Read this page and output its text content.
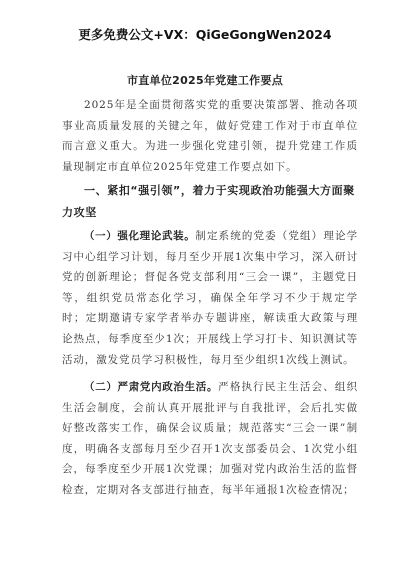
更多免费公文+VX：QiGeGongWen2024
市直单位2025年党建工作要点
2025年是全面贯彻落实党的重要决策部署、推动各项事业高质量发展的关键之年，做好党建工作对于市直单位而言意义重大。为进一步强化党建引领，提升党建工作质量现制定市直单位2025年党建工作要点如下。
一、紧扣“强引领”，着力于实现政治功能强大方面聚力攻坚
（一）强化理论武装。制定系统的党委（党组）理论学习中心组学习计划，每月至少开展1次集中学习，深入研讨党的创新理论；督促各党支部利用“三会一课”，主题党日等，组织党员常态化学习，确保全年学习不少于规定学时；定期邀请专家学者举办专题讲座，解读重大政策与理论热点，每季度至少1次；开展线上学习打卡、知识测试等活动，激发党员学习积极性，每月至少组织1次线上测试。
（二）严肃党内政治生活。严格执行民主生活会、组织生活会制度，会前认真开展批评与自我批评，会后扎实做好整改落实工作，确保会议质量；规范落实“三会一课”制度，明确各支部每月至少召开1次支部委员会、1次党小组会，每季度至少开展1次党课；加强对党内政治生活的监督检查，定期对各支部进行抽查，每半年通报1次检查情况；
